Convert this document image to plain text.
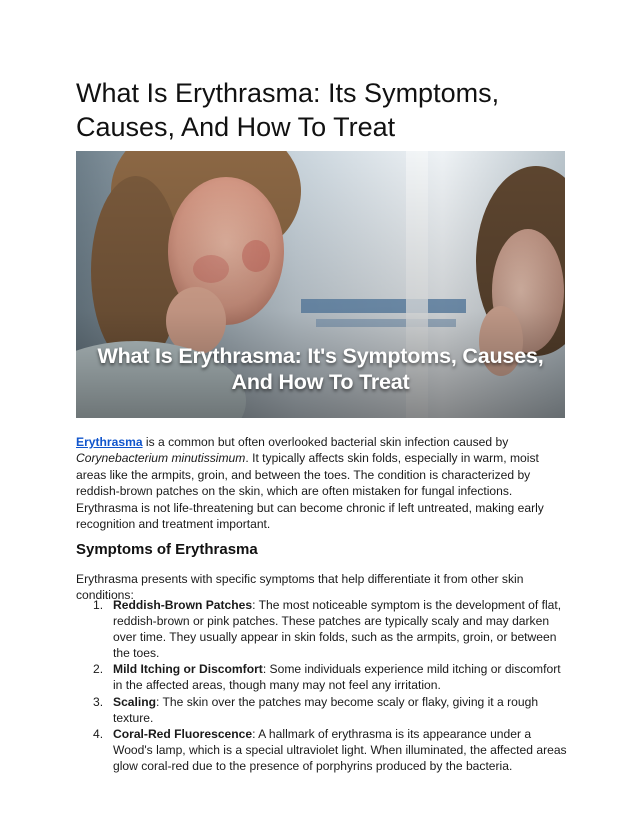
What Is Erythrasma: Its Symptoms, Causes, And How To Treat
What Is Erythrasma: It's Symptoms, Causes,
And How To Treat

Erythrasma is a common but often overlooked bacterial skin infection caused by Corynebacterium minutissimum. It typically affects skin folds, especially in warm, moist areas like the armpits, groin, and between the toes. The condition is characterized by reddish-brown patches on the skin, which are often mistaken for fungal infections. Erythrasma is not life-threatening but can become chronic if left untreated, making early recognition and treatment important.

Symptoms of Erythrasma

Erythrasma presents with specific symptoms that help differentiate it from other skin conditions:

1. Reddish-Brown Patches: The most noticeable symptom is the development of flat, reddish-brown or pink patches. These patches are typically scaly and may darken over time. They usually appear in skin folds, such as the armpits, groin, or between the toes.
2. Mild Itching or Discomfort: Some individuals experience mild itching or discomfort in the affected areas, though many may not feel any irritation.
3. Scaling: The skin over the patches may become scaly or flaky, giving it a rough texture.
4. Coral-Red Fluorescence: A hallmark of erythrasma is its appearance under a Wood's lamp, which is a special ultraviolet light. When illuminated, the affected areas glow coral-red due to the presence of porphyrins produced by the bacteria.
